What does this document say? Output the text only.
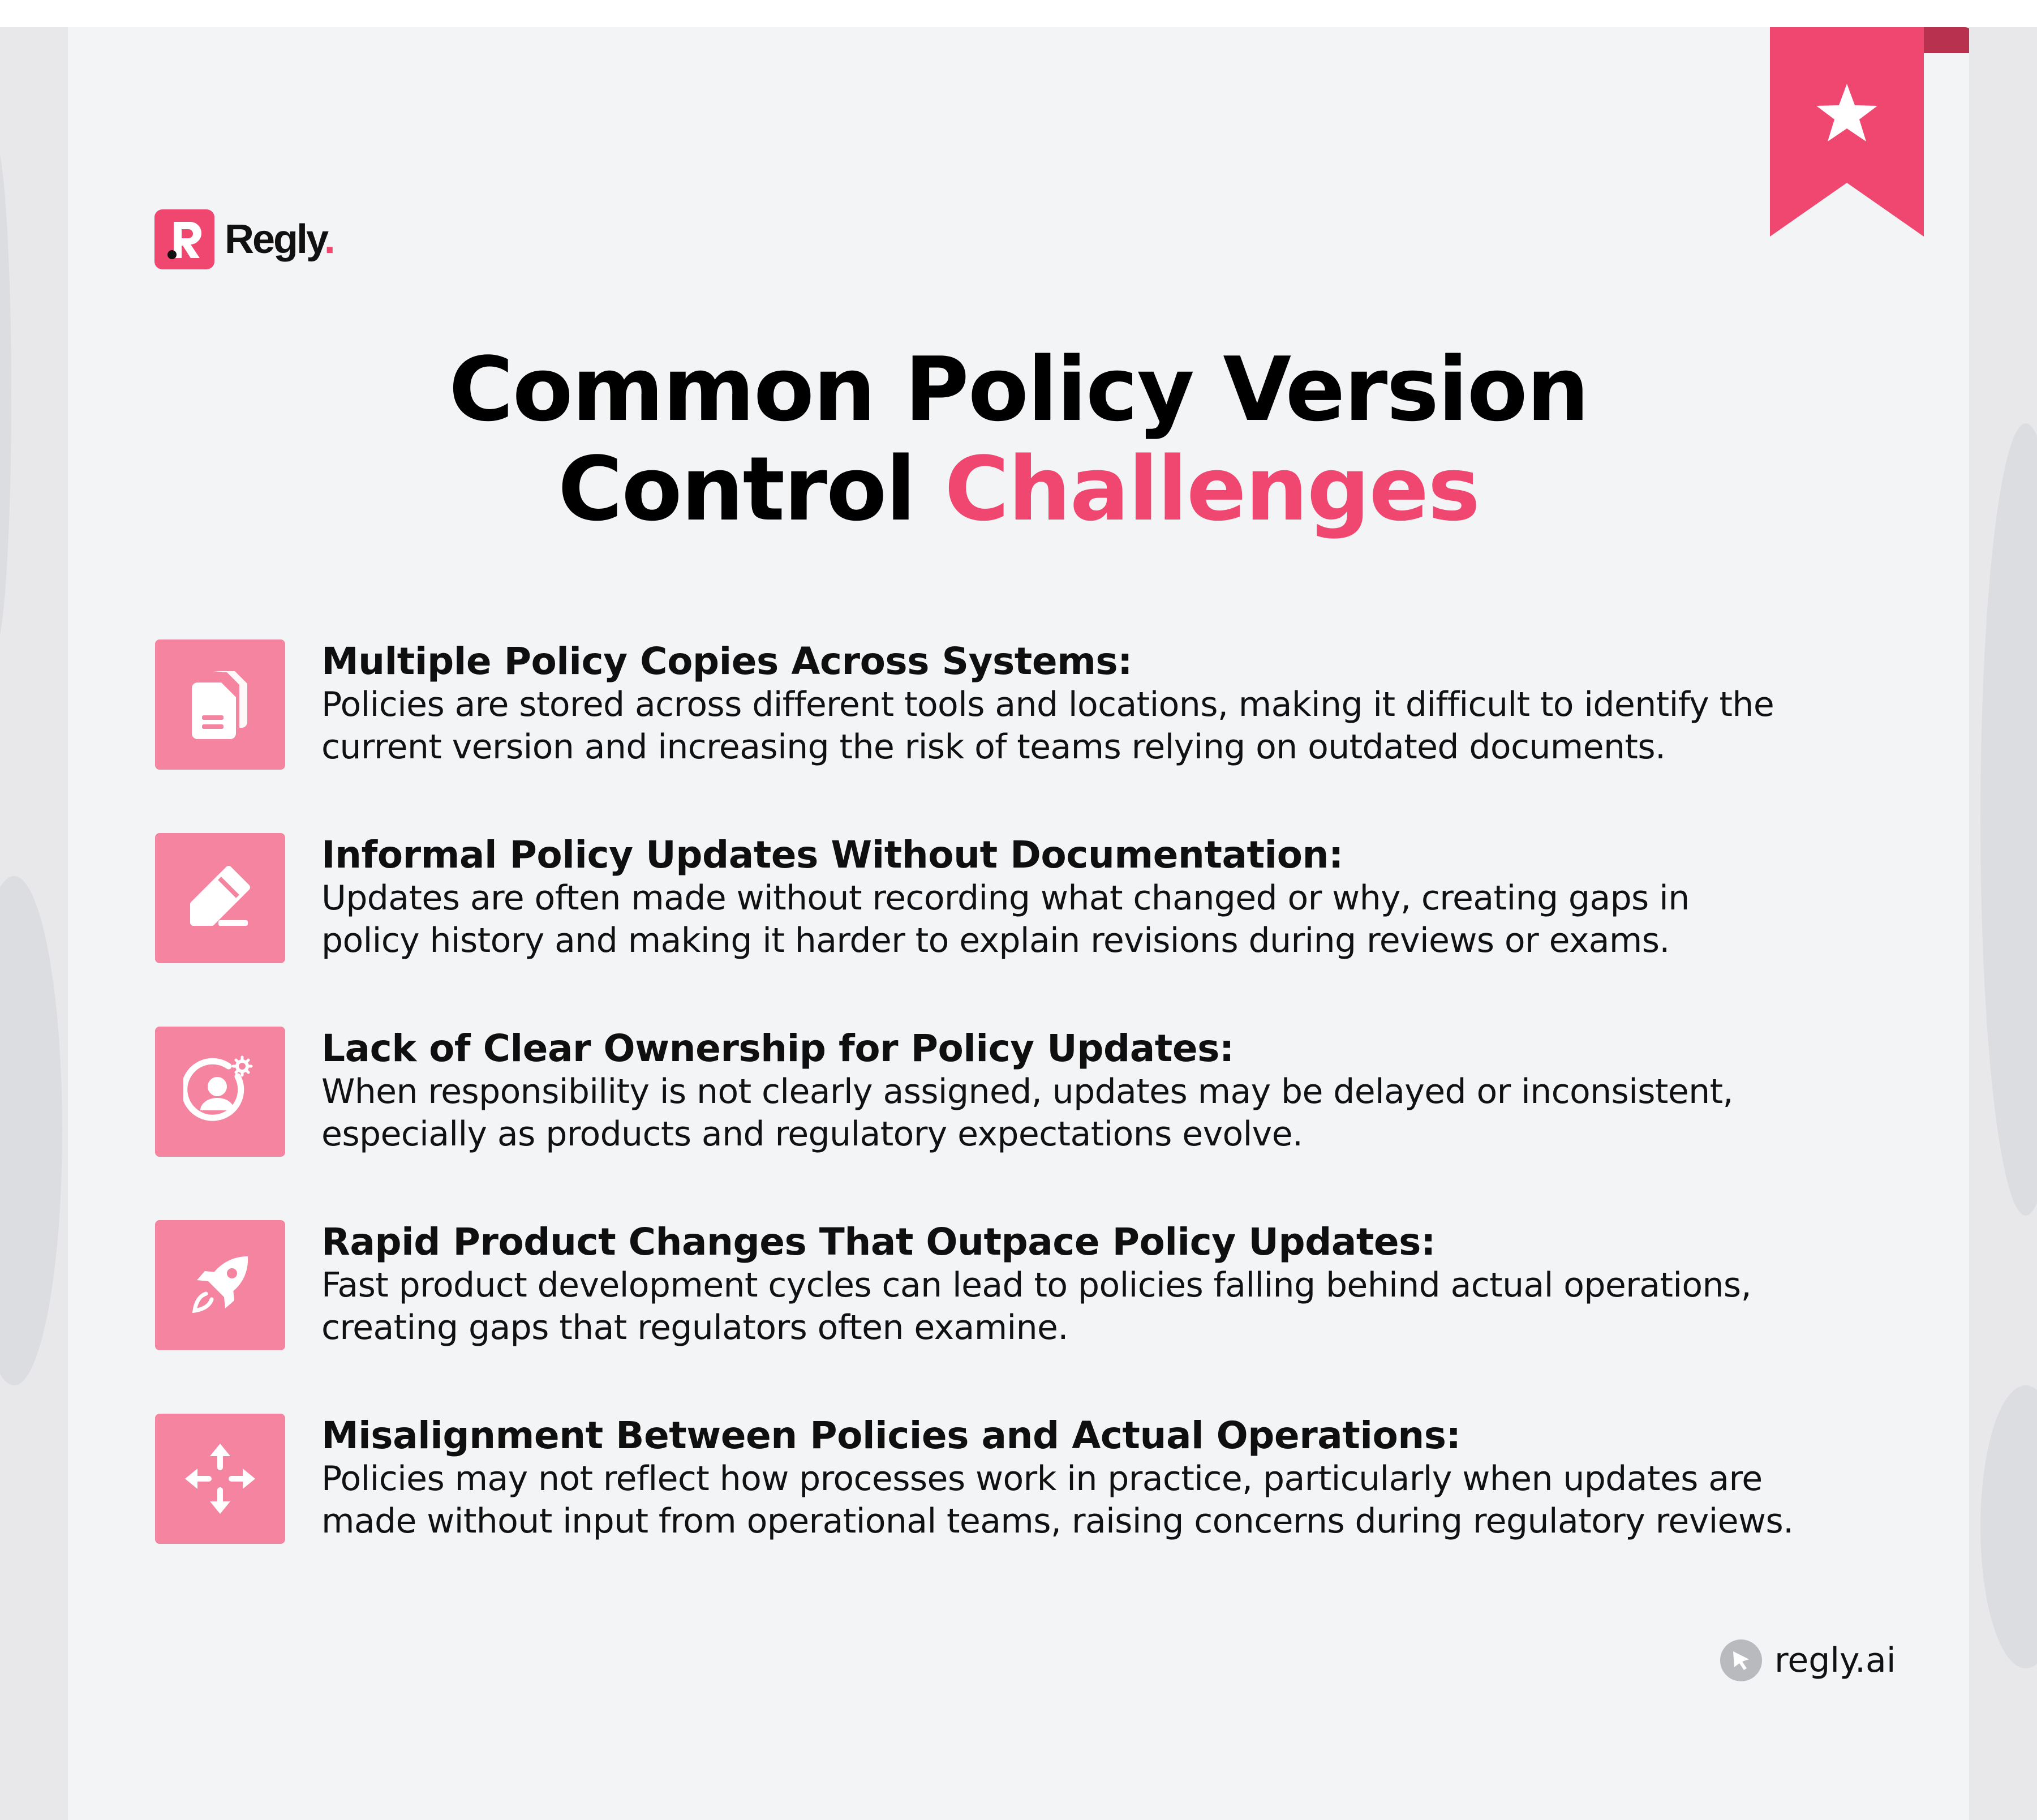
Regly.
Common Policy Version
Control Challenges
Multiple Policy Copies Across Systems:
Policies are stored across different tools and locations, making it difficult to identify the
current version and increasing the risk of teams relying on outdated documents.
Informal Policy Updates Without Documentation:
Updates are often made without recording what changed or why, creating gaps in
policy history and making it harder to explain revisions during reviews or exams.
Lack of Clear Ownership for Policy Updates:
When responsibility is not clearly assigned, updates may be delayed or inconsistent,
especially as products and regulatory expectations evolve.
Rapid Product Changes That Outpace Policy Updates:
Fast product development cycles can lead to policies falling behind actual operations,
creating gaps that regulators often examine.
Misalignment Between Policies and Actual Operations:
Policies may not reflect how processes work in practice, particularly when updates are
made without input from operational teams, raising concerns during regulatory reviews.
regly.ai
